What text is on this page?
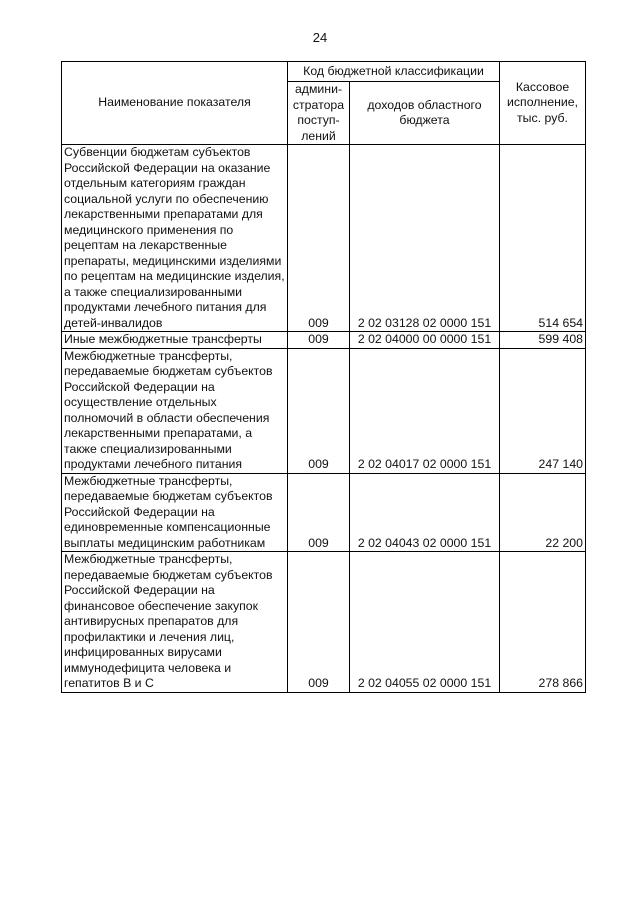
24
Наименование показателя	Код бюджетной классификации		Кассовое исполнение, тыс. руб.
	админи-стратора поступ-лений	доходов областного бюджета	
Субвенции бюджетам субъектов Российской Федерации на оказание отдельным категориям граждан социальной услуги по обеспечению лекарственными препаратами для медицинского применения по рецептам на лекарственные препараты, медицинскими изделиями по рецептам на медицинские изделия, а также специализированными продуктами лечебного питания для детей-инвалидов	009	2 02 03128 02 0000 151	514 654
Иные межбюджетные трансферты	009	2 02 04000 00 0000 151	599 408
Межбюджетные трансферты, передаваемые бюджетам субъектов Российской Федерации на осуществление отдельных полномочий в области обеспечения лекарственными препаратами, а также специализированными продуктами лечебного питания	009	2 02 04017 02 0000 151	247 140
Межбюджетные трансферты, передаваемые бюджетам субъектов Российской Федерации на единовременные компенсационные выплаты медицинским работникам	009	2 02 04043 02 0000 151	22 200
Межбюджетные трансферты, передаваемые бюджетам субъектов Российской Федерации на финансовое обеспечение закупок антивирусных препаратов для профилактики и лечения лиц, инфицированных вирусами иммунодефицита человека и гепатитов В и С	009	2 02 04055 02 0000 151	278 866
